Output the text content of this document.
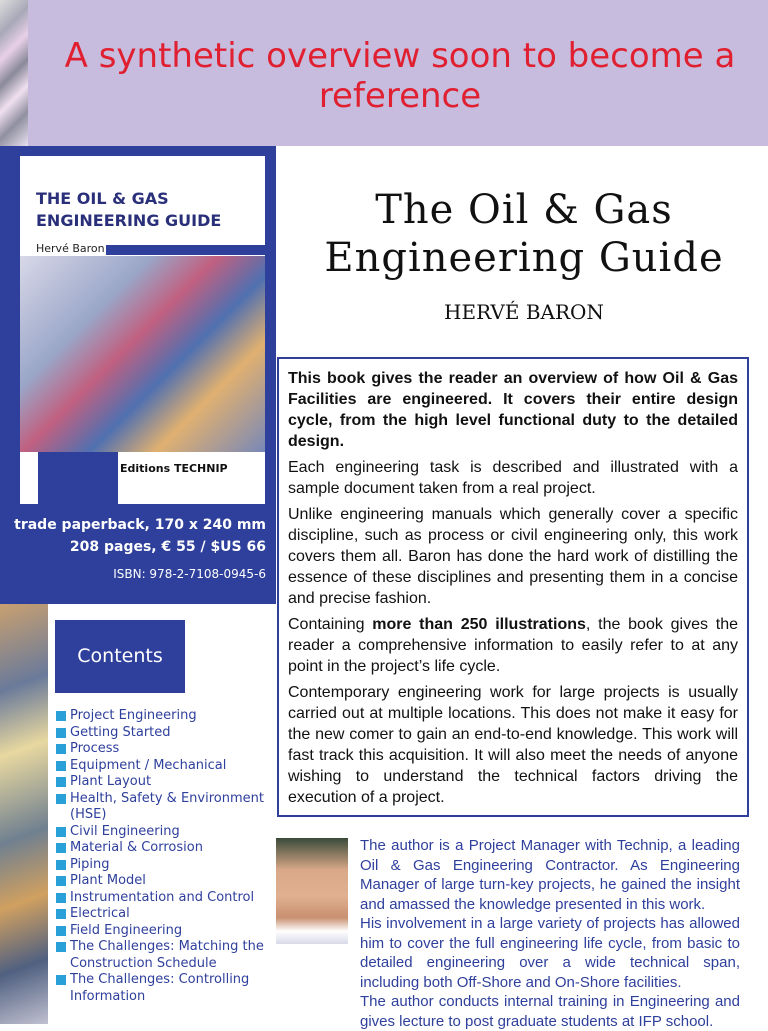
A synthetic overview soon to become a reference
THE OIL & GAS ENGINEERING GUIDE
Hervé Baron
Editions TECHNIP
trade paperback, 170 x 240 mm
208 pages, € 55 / $US 66
ISBN: 978-2-7108-0945-6
Contents
Project Engineering
Getting Started
Process
Equipment / Mechanical
Plant Layout
Health, Safety & Environment (HSE)
Civil Engineering
Material & Corrosion
Piping
Plant Model
Instrumentation and Control
Electrical
Field Engineering
The Challenges: Matching the Construction Schedule
The Challenges: Controlling Information
The Oil & Gas Engineering Guide
HERVÉ BARON

This book gives the reader an overview of how Oil & Gas Facilities are engineered. It covers their entire design cycle, from the high level functional duty to the detailed design.

Each engineering task is described and illustrated with a sample document taken from a real project.

Unlike engineering manuals which generally cover a specific discipline, such as process or civil engineering only, this work covers them all. Baron has done the hard work of distilling the essence of these disciplines and presenting them in a concise and precise fashion.

Containing more than 250 illustrations, the book gives the reader a comprehensive information to easily refer to at any point in the project’s life cycle.

Contemporary engineering work for large projects is usually carried out at multiple locations. This does not make it easy for the new comer to gain an end-to-end knowledge. This work will fast track this acquisition. It will also meet the needs of anyone wishing to understand the technical factors driving the execution of a project.

The author is a Project Manager with Technip, a leading Oil & Gas Engineering Contractor. As Engineering Manager of large turn-key projects, he gained the insight and amassed the knowledge presented in this work.

His involvement in a large variety of projects has allowed him to cover the full engineering life cycle, from basic to detailed engineering over a wide technical span, including both Off-Shore and On-Shore facilities.

The author conducts internal training in Engineering and gives lecture to post graduate students at IFP school.
